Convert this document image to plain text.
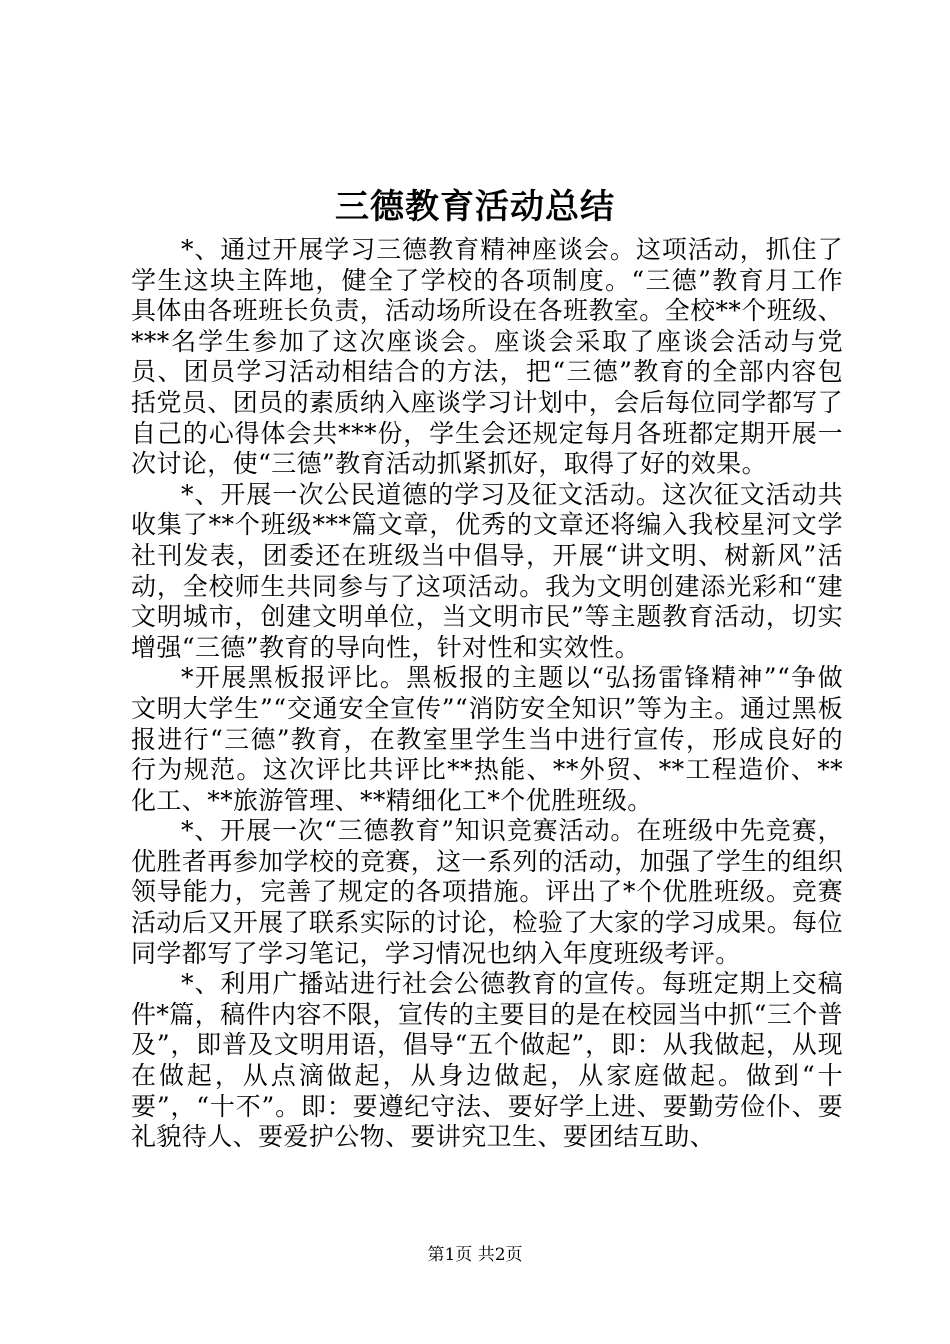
三德教育活动总结

*、通过开展学习三德教育精神座谈会。这项活动，抓住了学生这块主阵地，健全了学校的各项制度。“三德”教育月工作具体由各班班长负责，活动场所设在各班教室。全校**个班级、***名学生参加了这次座谈会。座谈会采取了座谈会活动与党员、团员学习活动相结合的方法，把“三德”教育的全部内容包括党员、团员的素质纳入座谈学习计划中，会后每位同学都写了自己的心得体会共***份，学生会还规定每月各班都定期开展一次讨论，使“三德”教育活动抓紧抓好，取得了好的效果。

*、开展一次公民道德的学习及征文活动。这次征文活动共收集了**个班级***篇文章，优秀的文章还将编入我校星河文学社刊发表，团委还在班级当中倡导，开展“讲文明、树新风”活动，全校师生共同参与了这项活动。我为文明创建添光彩和“建文明城市，创建文明单位，当文明市民”等主题教育活动，切实增强“三德”教育的导向性，针对性和实效性。

*开展黑板报评比。黑板报的主题以“弘扬雷锋精神”“争做文明大学生”“交通安全宣传”“消防安全知识”等为主。通过黑板报进行“三德”教育，在教室里学生当中进行宣传，形成良好的行为规范。这次评比共评比**热能、**外贸、**工程造价、**化工、**旅游管理、**精细化工*个优胜班级。

*、开展一次“三德教育”知识竞赛活动。在班级中先竞赛，优胜者再参加学校的竞赛，这一系列的活动，加强了学生的组织领导能力，完善了规定的各项措施。评出了*个优胜班级。竞赛活动后又开展了联系实际的讨论，检验了大家的学习成果。每位同学都写了学习笔记，学习情况也纳入年度班级考评。

*、利用广播站进行社会公德教育的宣传。每班定期上交稿件*篇，稿件内容不限，宣传的主要目的是在校园当中抓“三个普及”，即普及文明用语，倡导“五个做起”，即：从我做起，从现在做起，从点滴做起，从身边做起，从家庭做起。做到“十要”，“十不”。即：要遵纪守法、要好学上进、要勤劳俭仆、要礼貌待人、要爱护公物、要讲究卫生、要团结互助、

第1页 共2页
